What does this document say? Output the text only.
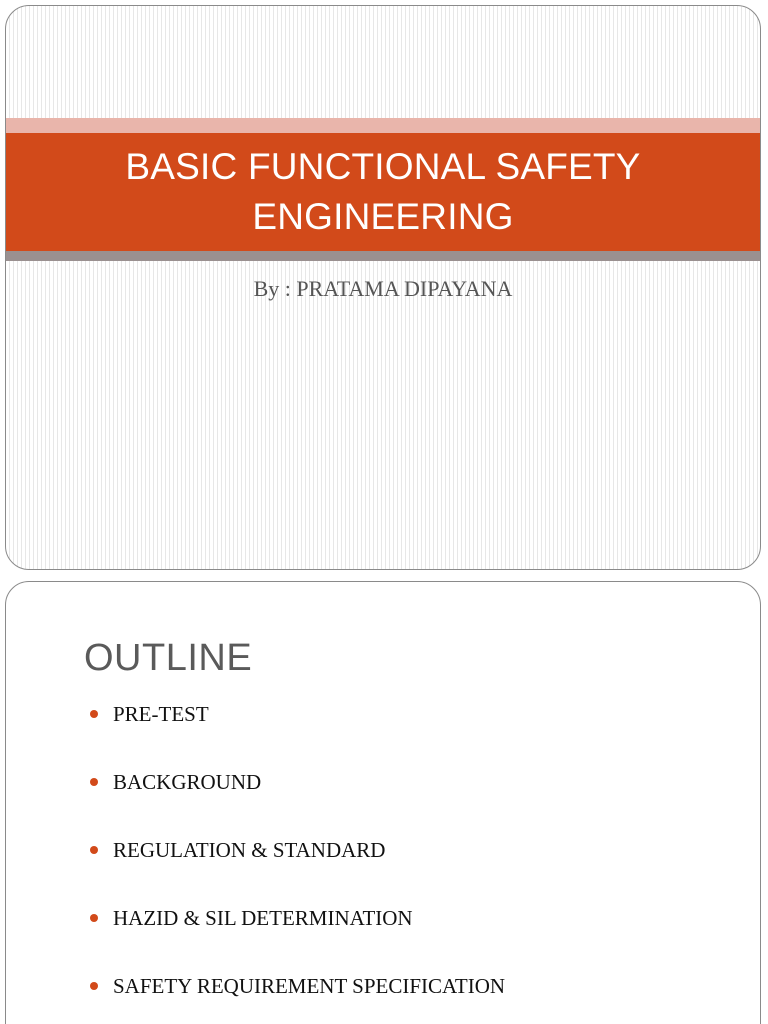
BASIC FUNCTIONAL SAFETY
ENGINEERING
By : PRATAMA DIPAYANA
OUTLINE
PRE-TEST
BACKGROUND
REGULATION & STANDARD
HAZID & SIL DETERMINATION
SAFETY REQUIREMENT SPECIFICATION
